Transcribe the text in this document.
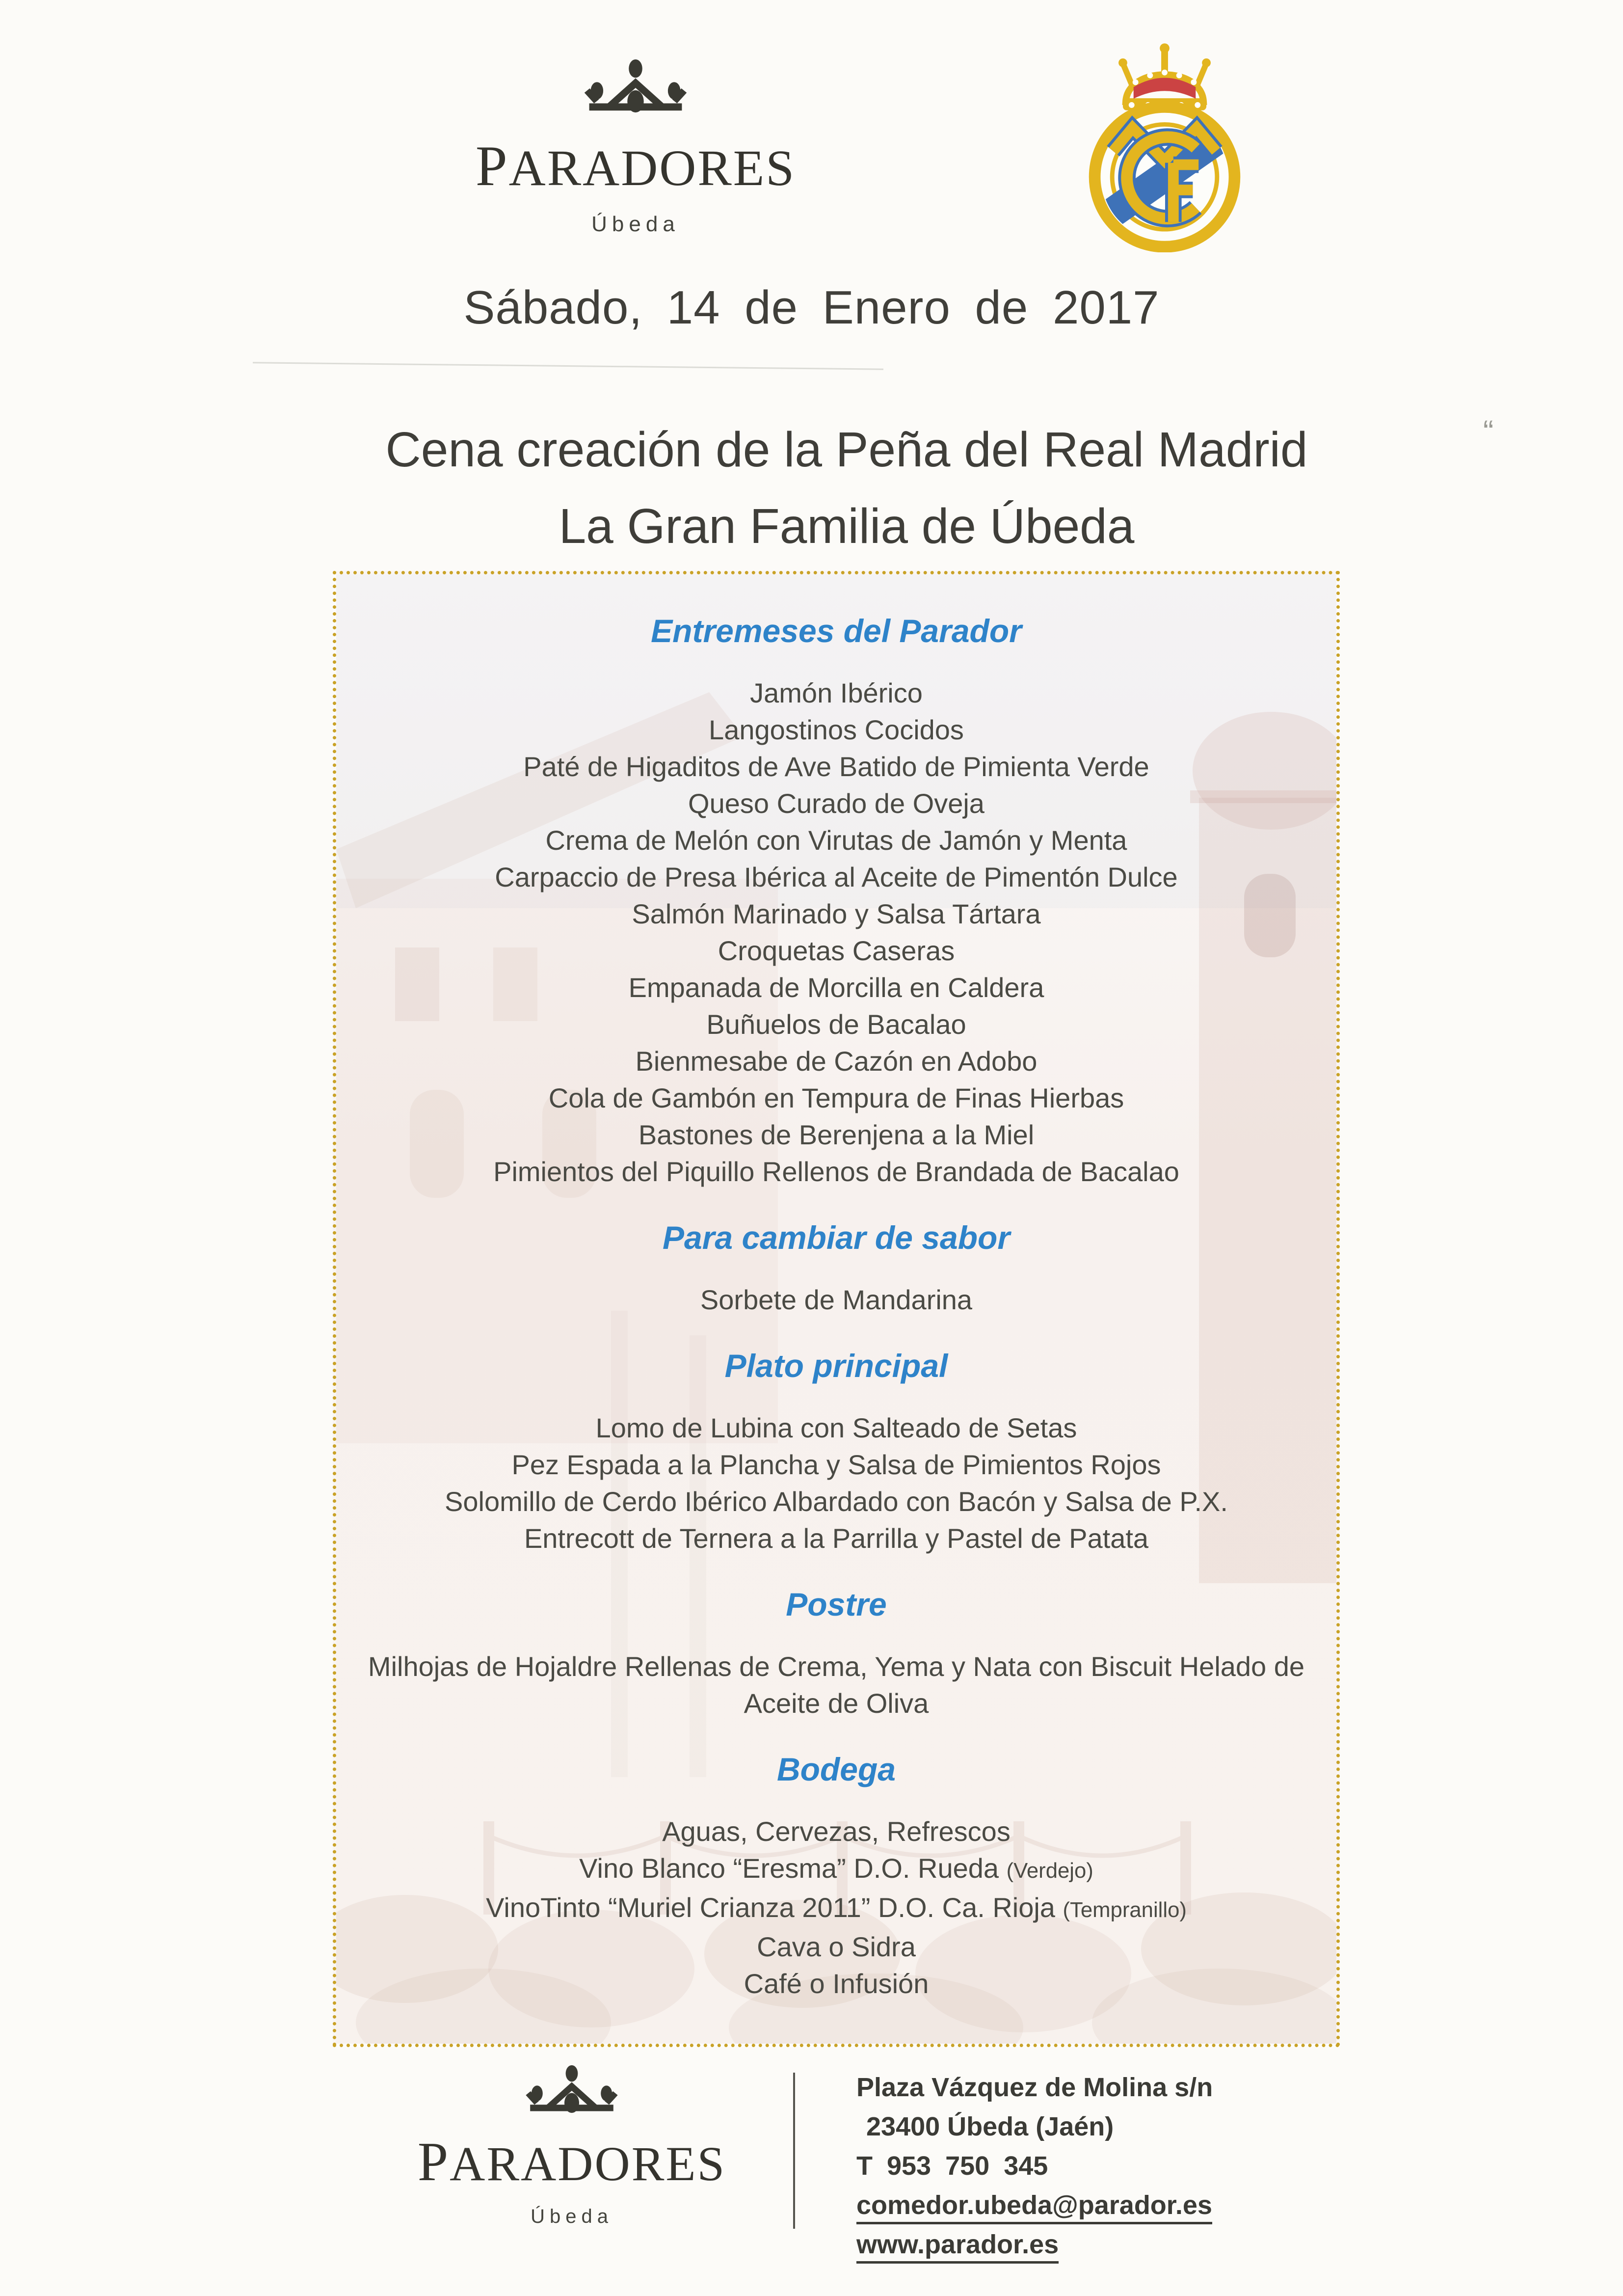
PARADORES
Úbeda
Sábado, 14 de Enero de 2017
Cena creación de la Peña del Real Madrid
La Gran Familia de Úbeda
“
Entremeses del Parador
Jamón Ibérico
Langostinos Cocidos
Paté de Higaditos de Ave Batido de Pimienta Verde
Queso Curado de Oveja
Crema de Melón con Virutas de Jamón y Menta
Carpaccio de Presa Ibérica al Aceite de Pimentón Dulce
Salmón Marinado y Salsa Tártara
Croquetas Caseras
Empanada de Morcilla en Caldera
Buñuelos de Bacalao
Bienmesabe de Cazón en Adobo
Cola de Gambón en Tempura de Finas Hierbas
Bastones de Berenjena a la Miel
Pimientos del Piquillo Rellenos de Brandada de Bacalao
Para cambiar de sabor
Sorbete de Mandarina
Plato principal
Lomo de Lubina con Salteado de Setas
Pez Espada a la Plancha y Salsa de Pimientos Rojos
Solomillo de Cerdo Ibérico Albardado con Bacón y Salsa de P.X.
Entrecott de Ternera a la Parrilla y Pastel de Patata
Postre
Milhojas de Hojaldre Rellenas de Crema, Yema y Nata con Biscuit Helado de Aceite de Oliva
Bodega
Aguas, Cervezas, Refrescos
Vino Blanco “Eresma” D.O. Rueda (Verdejo)
VinoTinto “Muriel Crianza 2011” D.O. Ca. Rioja (Tempranillo)
Cava o Sidra
Café o Infusión
PARADORES
Úbeda
Plaza Vázquez de Molina s/n
23400 Úbeda (Jaén)
T 953 750 345
comedor.ubeda@parador.es
www.parador.es
